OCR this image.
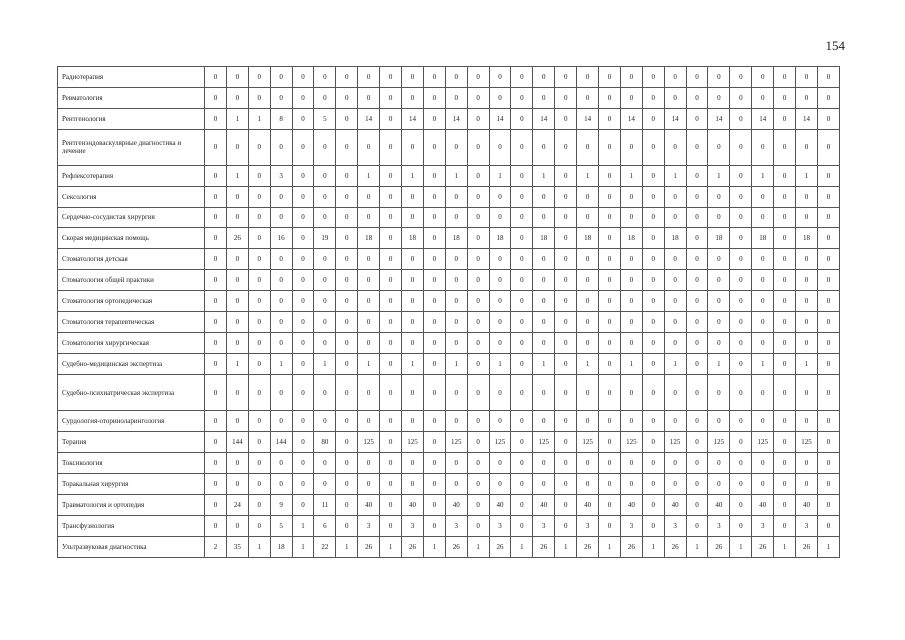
154
Радиотерапия	0	0	0	0	0	0	0	0	0	0	0	0	0	0	0	0	0	0	0	0	0	0	0	0	0	0	0	0	0
Ревматология	0	0	0	0	0	0	0	0	0	0	0	0	0	0	0	0	0	0	0	0	0	0	0	0	0	0	0	0	0
Рентгенология	0	1	1	8	0	5	0	14	0	14	0	14	0	14	0	14	0	14	0	14	0	14	0	14	0	14	0	14	0
Рентгенэндоваскулярные диагностика и лечение	0	0	0	0	0	0	0	0	0	0	0	0	0	0	0	0	0	0	0	0	0	0	0	0	0	0	0	0	0
Рефлексотерапия	0	1	0	3	0	0	0	1	0	1	0	1	0	1	0	1	0	1	0	1	0	1	0	1	0	1	0	1	0
Сексология	0	0	0	0	0	0	0	0	0	0	0	0	0	0	0	0	0	0	0	0	0	0	0	0	0	0	0	0	0
Сердечно-сосудистая хирургия	0	0	0	0	0	0	0	0	0	0	0	0	0	0	0	0	0	0	0	0	0	0	0	0	0	0	0	0	0
Скорая медицинская помощь	0	26	0	16	0	19	0	18	0	18	0	18	0	18	0	18	0	18	0	18	0	18	0	18	0	18	0	18	0
Стоматология детская	0	0	0	0	0	0	0	0	0	0	0	0	0	0	0	0	0	0	0	0	0	0	0	0	0	0	0	0	0
Стоматология общей практики	0	0	0	0	0	0	0	0	0	0	0	0	0	0	0	0	0	0	0	0	0	0	0	0	0	0	0	0	0
Стоматология ортопедическая	0	0	0	0	0	0	0	0	0	0	0	0	0	0	0	0	0	0	0	0	0	0	0	0	0	0	0	0	0
Стоматология терапевтическая	0	0	0	0	0	0	0	0	0	0	0	0	0	0	0	0	0	0	0	0	0	0	0	0	0	0	0	0	0
Стоматология хирургическая	0	0	0	0	0	0	0	0	0	0	0	0	0	0	0	0	0	0	0	0	0	0	0	0	0	0	0	0	0
Судебно-медицинская экспертиза	0	1	0	1	0	1	0	1	0	1	0	1	0	1	0	1	0	1	0	1	0	1	0	1	0	1	0	1	0
Судебно-психиатрическая экспертиза	0	0	0	0	0	0	0	0	0	0	0	0	0	0	0	0	0	0	0	0	0	0	0	0	0	0	0	0	0
Сурдология-оториноларингология	0	0	0	0	0	0	0	0	0	0	0	0	0	0	0	0	0	0	0	0	0	0	0	0	0	0	0	0	0
Терапия	0	144	0	144	0	80	0	125	0	125	0	125	0	125	0	125	0	125	0	125	0	125	0	125	0	125	0	125	0
Токсикология	0	0	0	0	0	0	0	0	0	0	0	0	0	0	0	0	0	0	0	0	0	0	0	0	0	0	0	0	0
Торакальная хирургия	0	0	0	0	0	0	0	0	0	0	0	0	0	0	0	0	0	0	0	0	0	0	0	0	0	0	0	0	0
Травматология и ортопедия	0	24	0	9	0	11	0	40	0	40	0	40	0	40	0	40	0	40	0	40	0	40	0	40	0	40	0	40	0
Трансфузиология	0	0	0	5	1	6	0	3	0	3	0	3	0	3	0	3	0	3	0	3	0	3	0	3	0	3	0	3	0
Ультразвуковая диагностика	2	35	1	18	1	22	1	26	1	26	1	26	1	26	1	26	1	26	1	26	1	26	1	26	1	26	1	26	1
